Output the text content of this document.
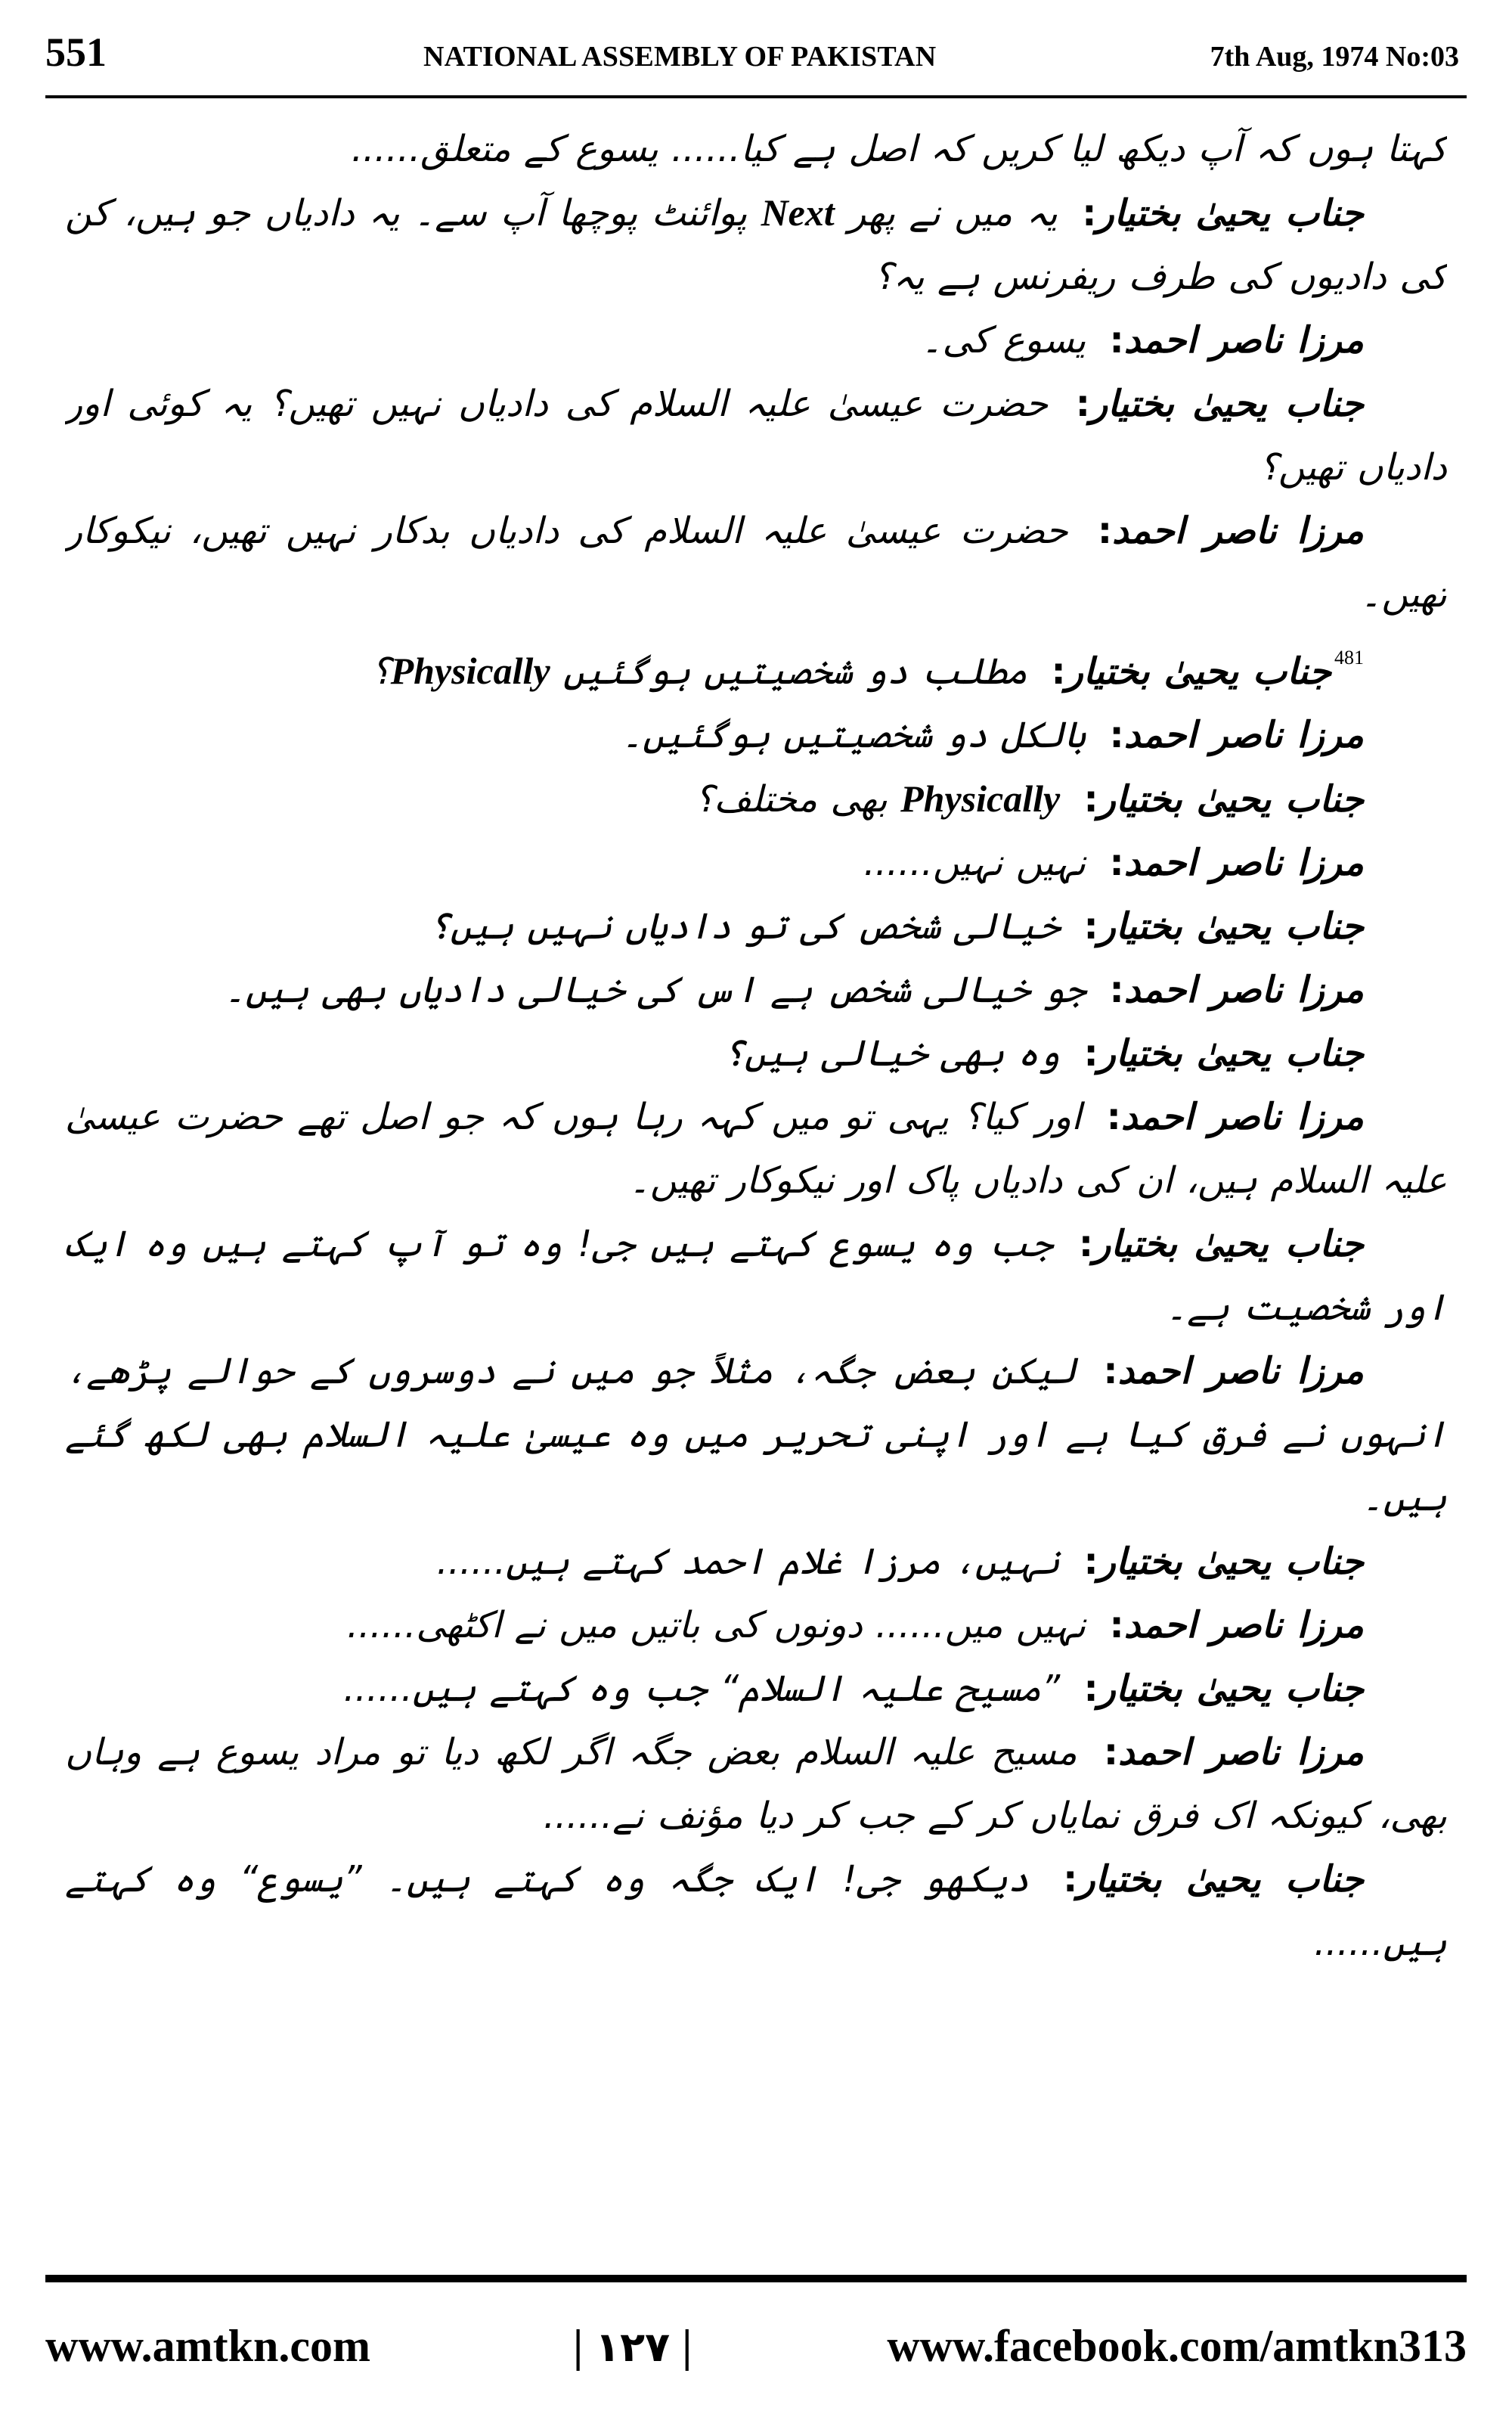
551	NATIONAL ASSEMBLY OF PAKISTAN	7th Aug, 1974 No:03

کہتا ہوں کہ آپ دیکھ لیا کریں کہ اصل ہے کیا...... یسوع کے متعلق......

جناب یحییٰ بختیار: یہ میں نے پھر Next پوائنٹ پوچھا آپ سے۔ یہ دادیاں جو ہیں، کن کی دادیوں کی طرف ریفرنس ہے یہ؟

مرزا ناصر احمد: یسوع کی۔

جناب یحییٰ بختیار: حضرت عیسیٰ علیہ السلام کی دادیاں نہیں تھیں؟ یہ کوئی اور دادیاں تھیں؟

مرزا ناصر احمد: حضرت عیسیٰ علیہ السلام کی دادیاں بدکار نہیں تھیں، نیکوکار تھیں۔

$^{481}$جناب یحییٰ بختیار: مطلب دو شخصیتیں ہوگئیں Physically؟

مرزا ناصر احمد: بالکل دو شخصیتیں ہوگئیں۔

جناب یحییٰ بختیار: Physically بھی مختلف؟

مرزا ناصر احمد: نہیں نہیں......

جناب یحییٰ بختیار: خیالی شخص کی تو دادیاں نہیں ہیں؟

مرزا ناصر احمد: جو خیالی شخص ہے اس کی خیالی دادیاں بھی ہیں۔

جناب یحییٰ بختیار: وہ بھی خیالی ہیں؟

مرزا ناصر احمد: اور کیا؟ یہی تو میں کہہ رہا ہوں کہ جو اصل تھے حضرت عیسیٰ علیہ السلام ہیں، ان کی دادیاں پاک اور نیکوکار تھیں۔

جناب یحییٰ بختیار: جب وہ یسوع کہتے ہیں جی! وہ تو آپ کہتے ہیں وہ ایک اور شخصیت ہے۔

مرزا ناصر احمد: لیکن بعض جگہ، مثلاً جو میں نے دوسروں کے حوالے پڑھے، انہوں نے فرق کیا ہے اور اپنی تحریر میں وہ عیسیٰ علیہ السلام بھی لکھ گئے ہیں۔

جناب یحییٰ بختیار: نہیں، مرزا غلام احمد کہتے ہیں......

مرزا ناصر احمد: نہیں میں...... دونوں کی باتیں میں نے اکٹھی......

جناب یحییٰ بختیار: ”مسیح علیہ السلام“ جب وہ کہتے ہیں......

مرزا ناصر احمد: مسیح علیہ السلام بعض جگہ اگر لکھ دیا تو مراد یسوع ہے وہاں بھی، کیونکہ اک فرق نمایاں کر کے جب کر دیا مؤنف نے......

جناب یحییٰ بختیار: دیکھو جی! ایک جگہ وہ کہتے ہیں۔ ”یسوع“ وہ کہتے ہیں......

www.amtkn.com	| ۱۲۷ |	www.facebook.com/amtkn313
